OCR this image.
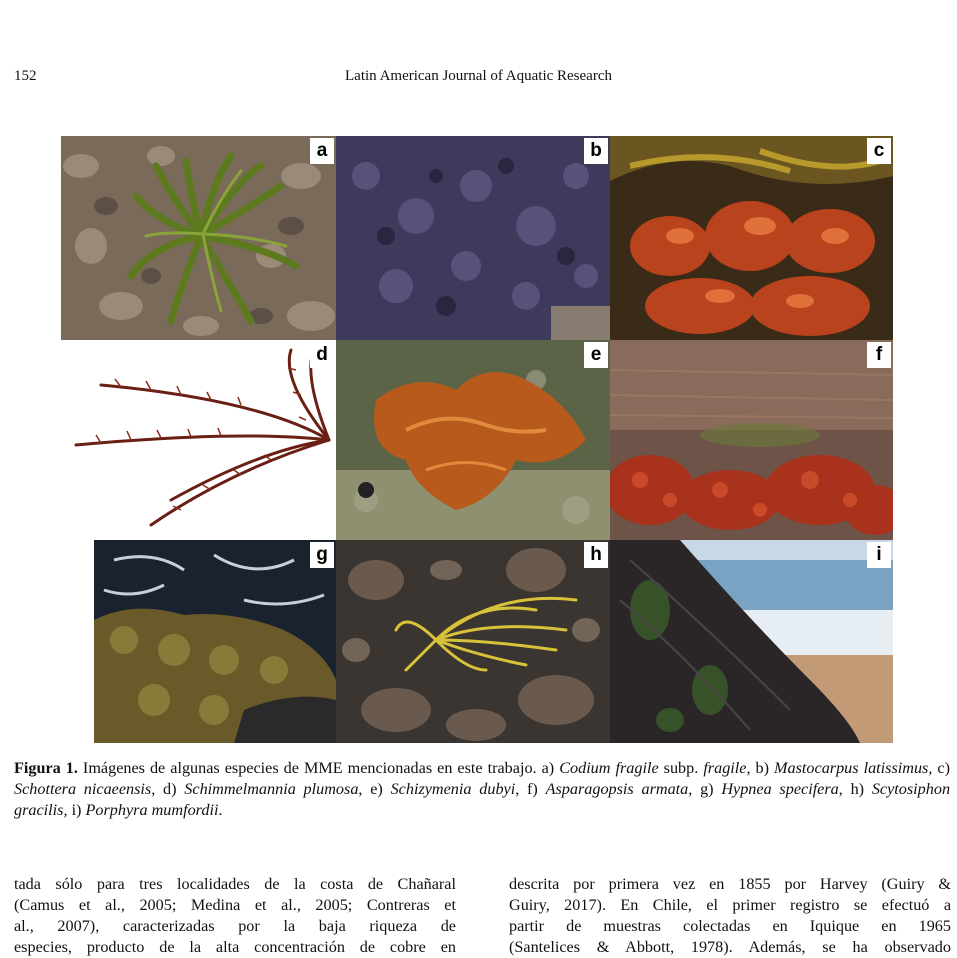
152	Latin American Journal of Aquatic Research
a	b	c
d	e	f
g	h	i
Figura 1. Imágenes de algunas especies de MME mencionadas en este trabajo. a) Codium fragile subp. fragile, b) Mastocarpus latissimus, c) Schottera nicaeensis, d) Schimmelmannia plumosa, e) Schizymenia dubyi, f) Asparagopsis armata, g) Hypnea specifera, h) Scytosiphon gracilis, i) Porphyra mumfordii.
tada sólo para tres localidades de la costa de Chañaral
(Camus et al., 2005; Medina et al., 2005; Contreras et
al., 2007), caracterizadas por la baja riqueza de
especies, producto de la alta concentración de cobre en
descrita por primera vez en 1855 por Harvey (Guiry &
Guiry, 2017). En Chile, el primer registro se efectuó a
partir de muestras colectadas en Iquique en 1965
(Santelices & Abbott, 1978). Además, se ha observado
